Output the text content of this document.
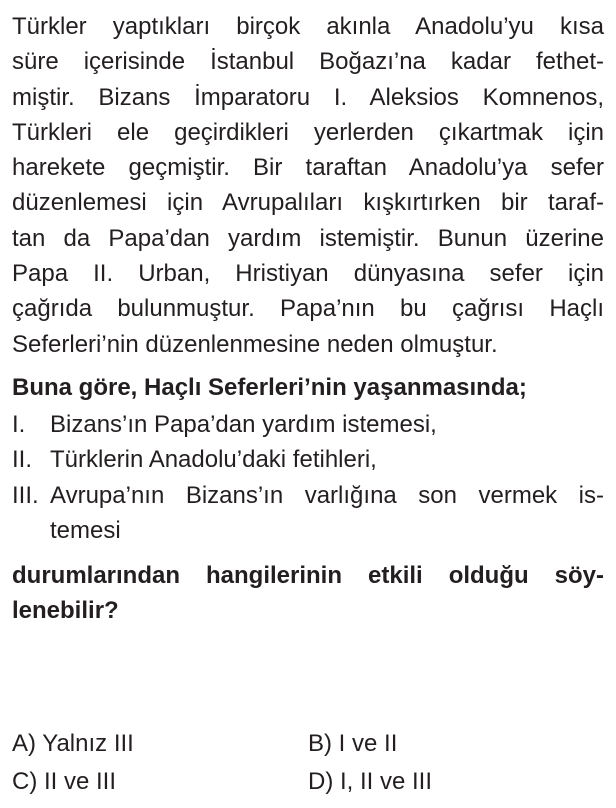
Türkler yaptıkları birçok akınla Anadolu’yu kısa
süre içerisinde İstanbul Boğazı’na kadar fethet-
miştir. Bizans İmparatoru I. Aleksios Komnenos,
Türkleri ele geçirdikleri yerlerden çıkartmak için
harekete geçmiştir. Bir taraftan Anadolu’ya sefer
düzenlemesi için Avrupalıları kışkırtırken bir taraf-
tan da Papa’dan yardım istemiştir. Bunun üzerine
Papa II. Urban, Hristiyan dünyasına sefer için
çağrıda bulunmuştur. Papa’nın bu çağrısı Haçlı
Seferleri’nin düzenlenmesine neden olmuştur.
Buna göre, Haçlı Seferleri’nin yaşanmasında;
I.	Bizans’ın Papa’dan yardım istemesi,
II. Türklerin Anadolu’daki fetihleri,
III. Avrupa’nın Bizans’ın varlığına son vermek is-
temesi
durumlarından hangilerinin etkili olduğu söy-
lenebilir?
A) Yalnız III	B) I ve II
C) II ve III	D) I, II ve III
